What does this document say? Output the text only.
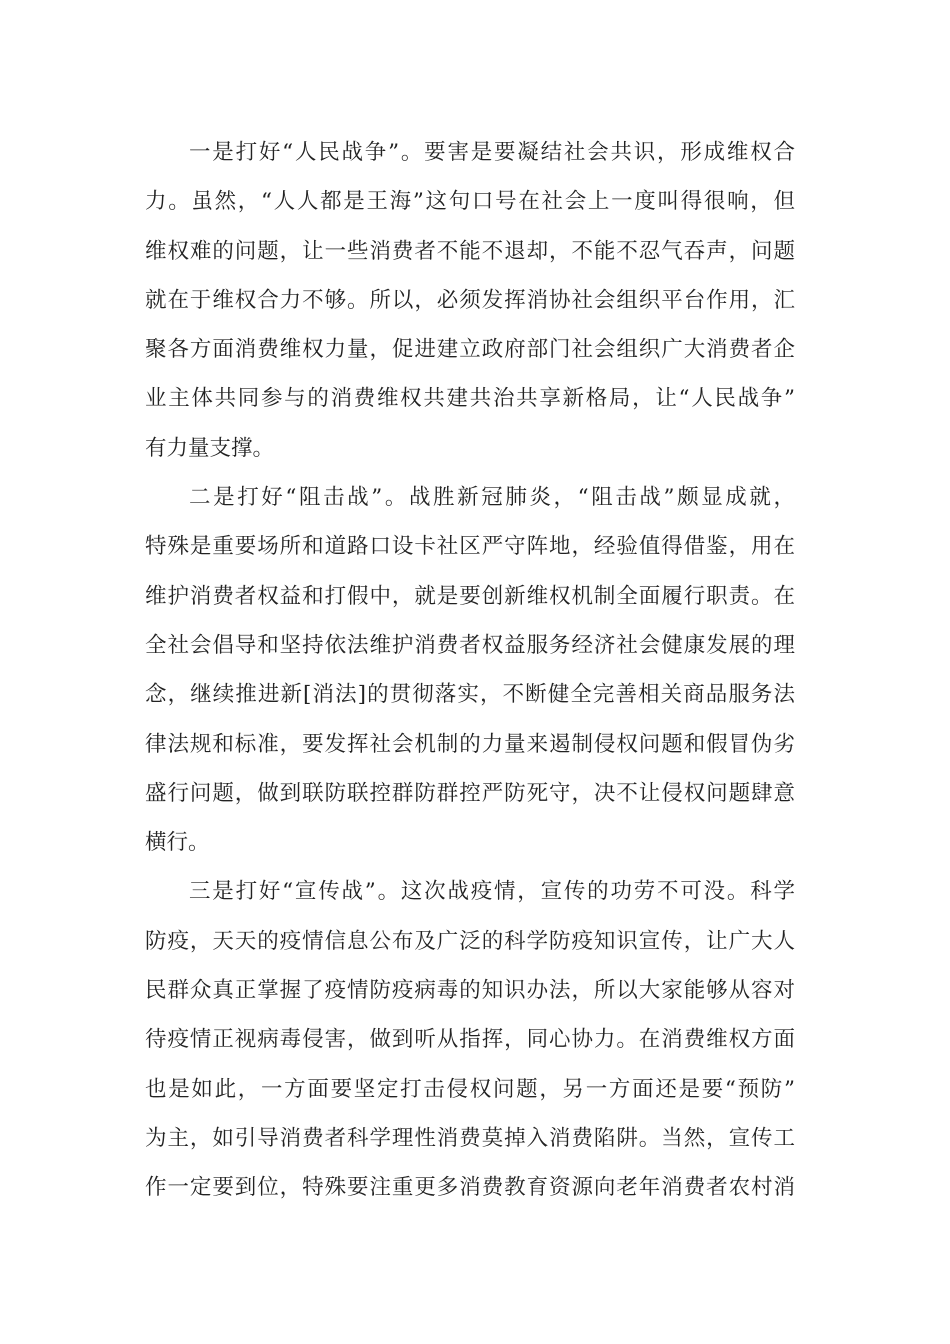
一是打好“人民战争”。要害是要凝结社会共识，形成维权合
力。虽然，“人人都是王海”这句口号在社会上一度叫得很响，但
维权难的问题，让一些消费者不能不退却，不能不忍气吞声，问题
就在于维权合力不够。所以，必须发挥消协社会组织平台作用，汇
聚各方面消费维权力量，促进建立政府部门社会组织广大消费者企
业主体共同参与的消费维权共建共治共享新格局，让“人民战争”
有力量支撑。
二是打好“阻击战”。战胜新冠肺炎，“阻击战”颇显成就，
特殊是重要场所和道路口设卡社区严守阵地，经验值得借鉴，用在
维护消费者权益和打假中，就是要创新维权机制全面履行职责。在
全社会倡导和坚持依法维护消费者权益服务经济社会健康发展的理
念，继续推进新[消法]的贯彻落实，不断健全完善相关商品服务法
律法规和标准，要发挥社会机制的力量来遏制侵权问题和假冒伪劣
盛行问题，做到联防联控群防群控严防死守，决不让侵权问题肆意
横行。
三是打好“宣传战”。这次战疫情，宣传的功劳不可没。科学
防疫，天天的疫情信息公布及广泛的科学防疫知识宣传，让广大人
民群众真正掌握了疫情防疫病毒的知识办法，所以大家能够从容对
待疫情正视病毒侵害，做到听从指挥，同心协力。在消费维权方面
也是如此，一方面要坚定打击侵权问题，另一方面还是要“预防”
为主，如引导消费者科学理性消费莫掉入消费陷阱。当然，宣传工
作一定要到位，特殊要注重更多消费教育资源向老年消费者农村消
